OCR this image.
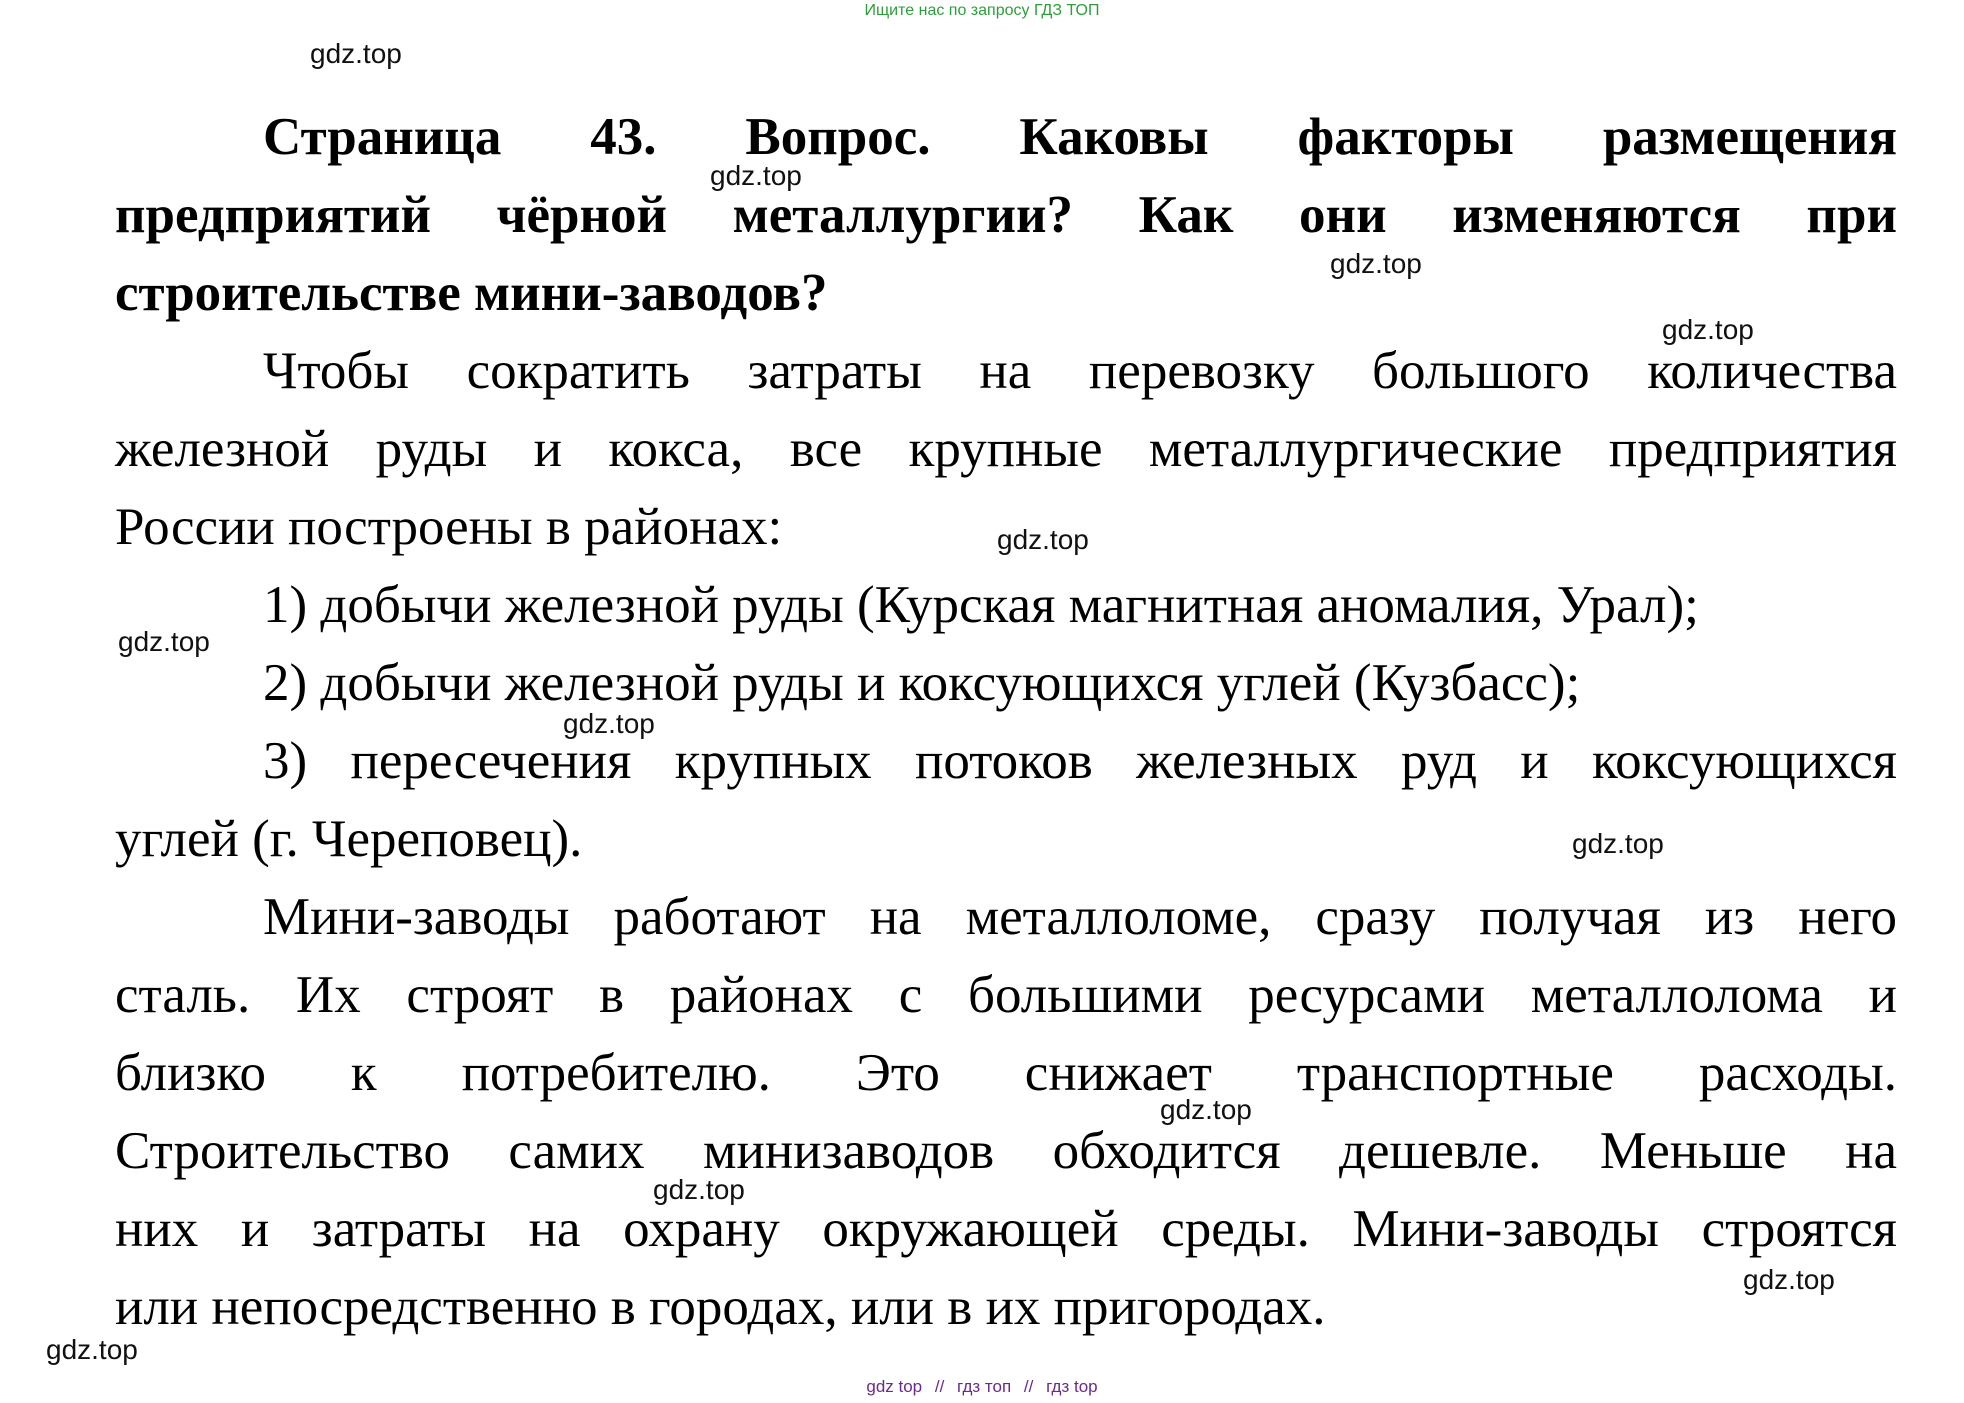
Ищите нас по запросу ГДЗ ТОП
Страница 43. Вопрос. Каковы факторы размещения
предприятий чёрной металлургии? Как они изменяются при
строительстве мини-заводов?
Чтобы сократить затраты на перевозку большого количества
железной руды и кокса, все крупные металлургические предприятия
России построены в районах:
1) добычи железной руды (Курская магнитная аномалия, Урал);
2) добычи железной руды и коксующихся углей (Кузбасс);
3) пересечения крупных потоков железных руд и коксующихся
углей (г. Череповец).
Мини-заводы работают на металлоломе, сразу получая из него
сталь. Их строят в районах с большими ресурсами металлолома и
близко к потребителю. Это снижает транспортные расходы.
Строительство самих минизаводов обходится дешевле. Меньше на
них и затраты на охрану окружающей среды. Мини-заводы строятся
или непосредственно в городах, или в их пригородах.
gdz.top
gdz.top
gdz.top
gdz.top
gdz.top
gdz.top
gdz.top
gdz.top
gdz.top
gdz.top
gdz.top
gdz.top
gdz top // гдз топ // гдз top
